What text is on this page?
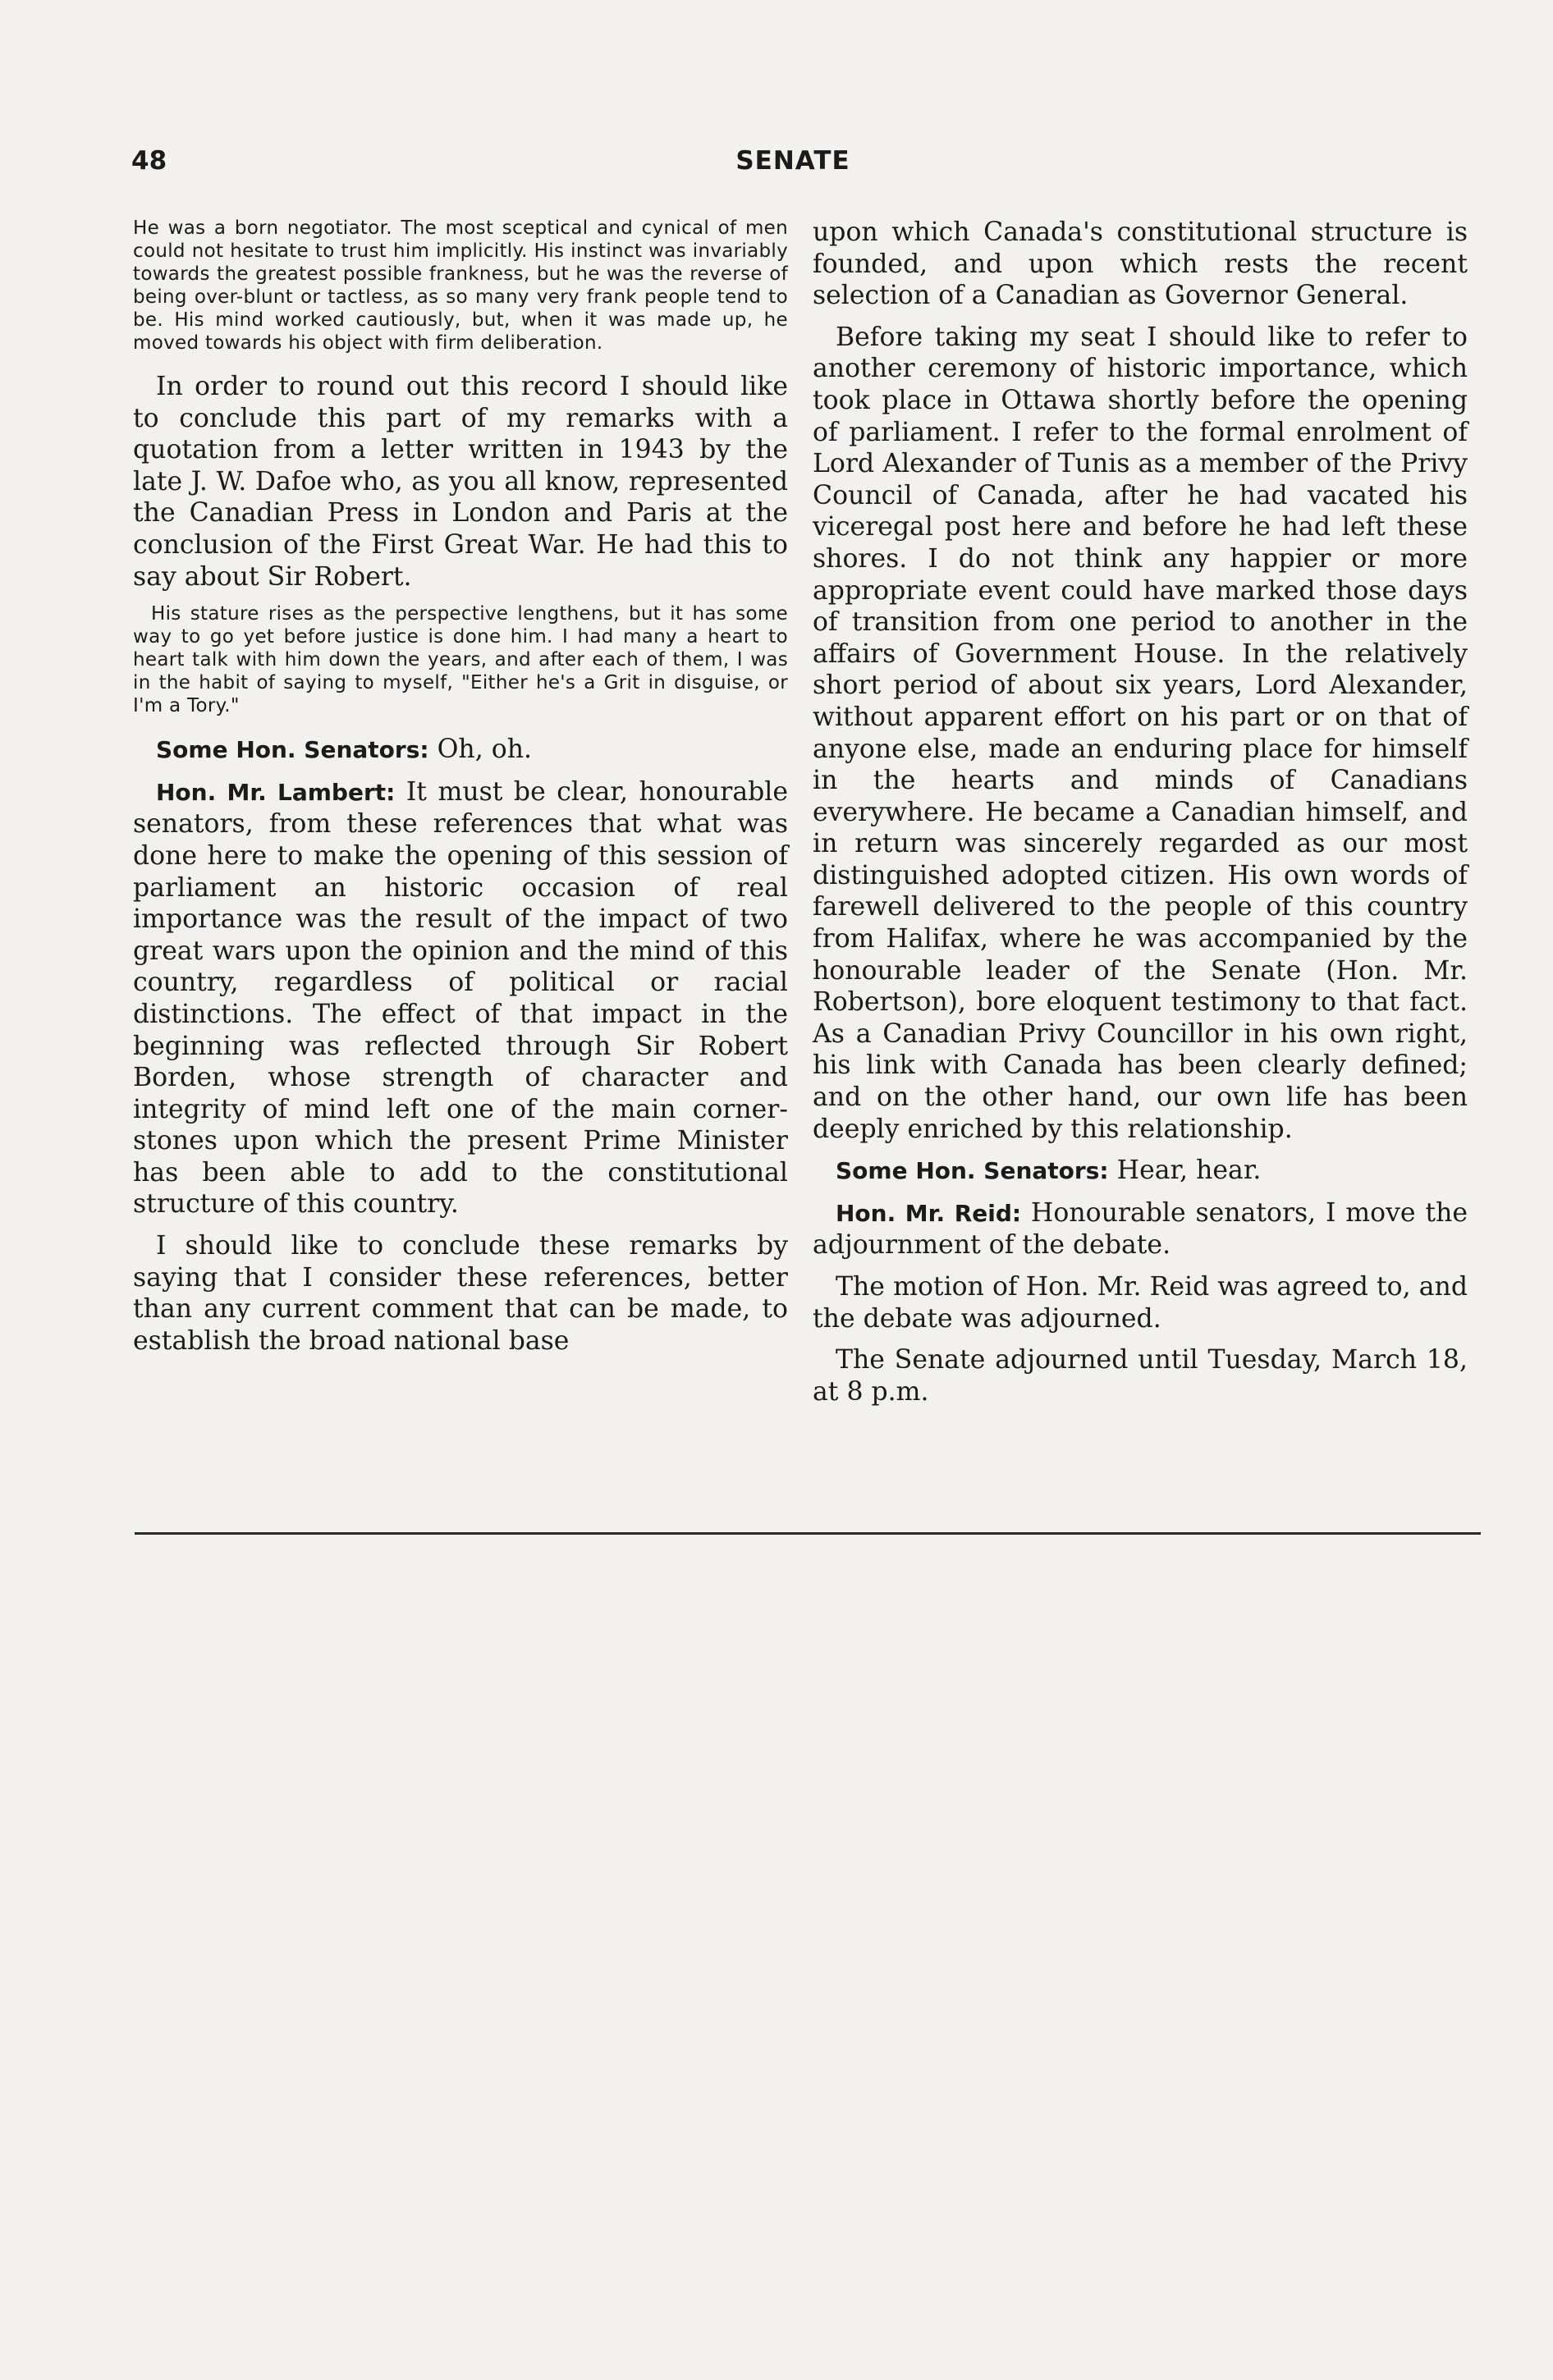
48	SENATE

He was a born negotiator. The most sceptical and cynical of men could not hesitate to trust him implicitly. His instinct was invariably towards the greatest possible frankness, but he was the reverse of being over-blunt or tactless, as so many very frank people tend to be. His mind worked cautiously, but, when it was made up, he moved towards his object with firm deliberation.

In order to round out this record I should like to conclude this part of my remarks with a quotation from a letter written in 1943 by the late J. W. Dafoe who, as you all know, represented the Canadian Press in London and Paris at the conclusion of the First Great War. He had this to say about Sir Robert.

His stature rises as the perspective lengthens, but it has some way to go yet before justice is done him. I had many a heart to heart talk with him down the years, and after each of them, I was in the habit of saying to myself, "Either he's a Grit in disguise, or I'm a Tory."

Some Hon. Senators: Oh, oh.

Hon. Mr. Lambert: It must be clear, honourable senators, from these references that what was done here to make the opening of this session of parliament an historic occasion of real importance was the result of the impact of two great wars upon the opinion and the mind of this country, regardless of political or racial distinctions. The effect of that impact in the beginning was reflected through Sir Robert Borden, whose strength of character and integrity of mind left one of the main corner-stones upon which the present Prime Minister has been able to add to the constitutional structure of this country.

I should like to conclude these remarks by saying that I consider these references, better than any current comment that can be made, to establish the broad national base

upon which Canada's constitutional structure is founded, and upon which rests the recent selection of a Canadian as Governor General.

Before taking my seat I should like to refer to another ceremony of historic importance, which took place in Ottawa shortly before the opening of parliament. I refer to the formal enrolment of Lord Alexander of Tunis as a member of the Privy Council of Canada, after he had vacated his viceregal post here and before he had left these shores. I do not think any happier or more appropriate event could have marked those days of transition from one period to another in the affairs of Government House. In the relatively short period of about six years, Lord Alexander, without apparent effort on his part or on that of anyone else, made an enduring place for himself in the hearts and minds of Canadians everywhere. He became a Canadian himself, and in return was sincerely regarded as our most distinguished adopted citizen. His own words of farewell delivered to the people of this country from Halifax, where he was accompanied by the honourable leader of the Senate (Hon. Mr. Robertson), bore eloquent testimony to that fact. As a Canadian Privy Councillor in his own right, his link with Canada has been clearly defined; and on the other hand, our own life has been deeply enriched by this relationship.

Some Hon. Senators: Hear, hear.

Hon. Mr. Reid: Honourable senators, I move the adjournment of the debate.

The motion of Hon. Mr. Reid was agreed to, and the debate was adjourned.

The Senate adjourned until Tuesday, March 18, at 8 p.m.
